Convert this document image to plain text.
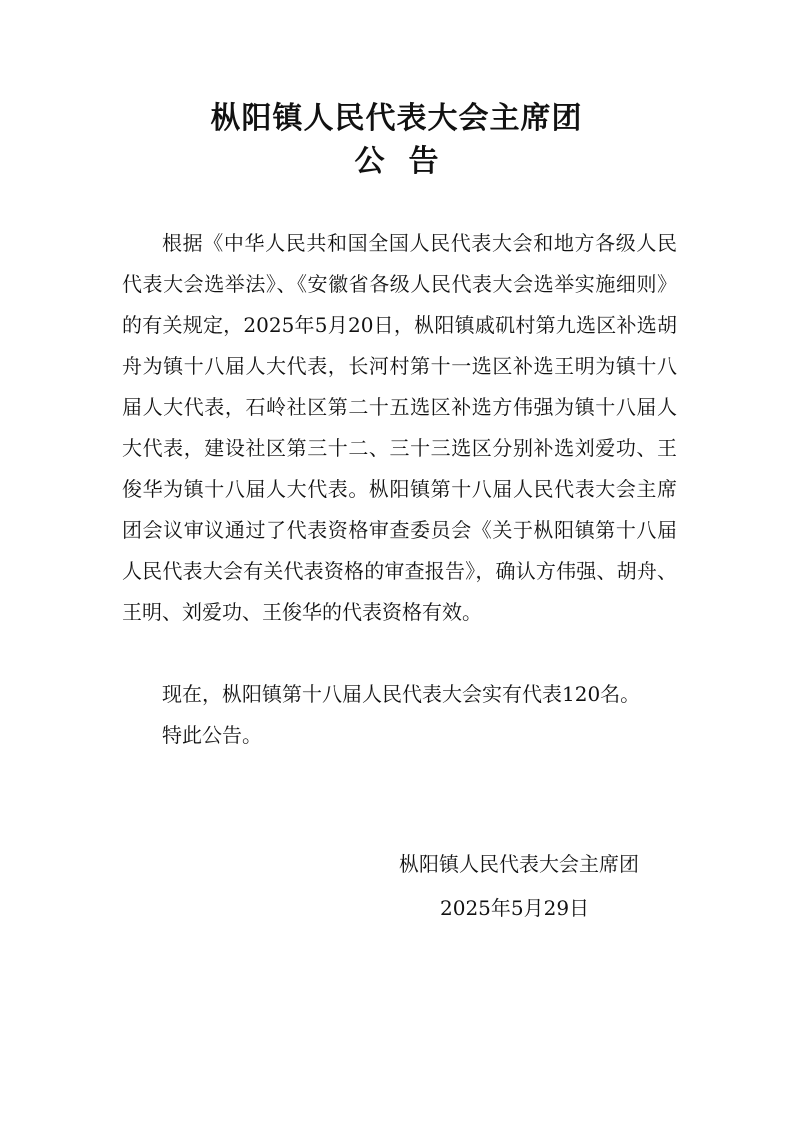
枞阳镇人民代表大会主席团
公告

根据《中华人民共和国全国人民代表大会和地方各级人民代表大会选举法》、《安徽省各级人民代表大会选举实施细则》的有关规定，2025年5月20日，枞阳镇戚矶村第九选区补选胡舟为镇十八届人大代表，长河村第十一选区补选王明为镇十八届人大代表，石岭社区第二十五选区补选方伟强为镇十八届人大代表，建设社区第三十二、三十三选区分别补选刘爱功、王俊华为镇十八届人大代表。枞阳镇第十八届人民代表大会主席团会议审议通过了代表资格审查委员会《关于枞阳镇第十八届人民代表大会有关代表资格的审查报告》，确认方伟强、胡舟、王明、刘爱功、王俊华的代表资格有效。

现在，枞阳镇第十八届人民代表大会实有代表120名。

特此公告。

枞阳镇人民代表大会主席团

2025年5月29日
